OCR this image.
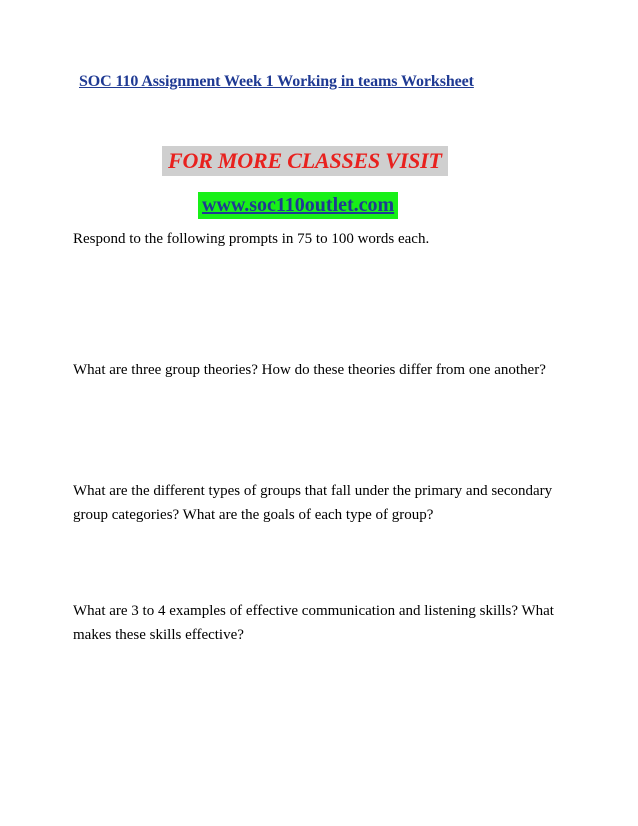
SOC 110 Assignment Week 1 Working in teams Worksheet
FOR MORE CLASSES VISIT
www.soc110outlet.com
Respond to the following prompts in 75 to 100 words each.
What are three group theories? How do these theories differ from one another?
What are the different types of groups that fall under the primary and secondary group categories? What are the goals of each type of group?
What are 3 to 4 examples of effective communication and listening skills? What makes these skills effective?
